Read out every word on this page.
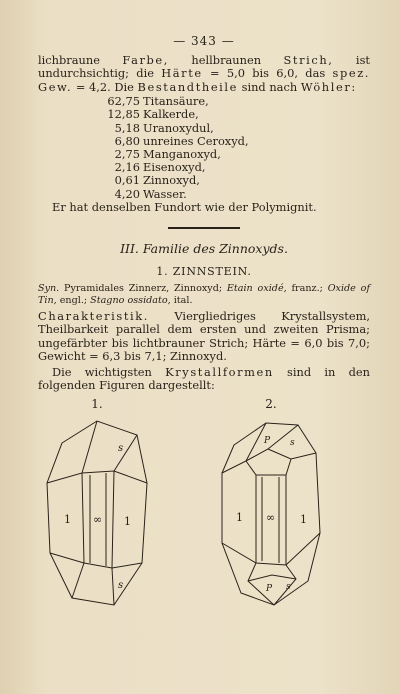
— 343 —

lichbraune Farbe, hellbraunen Strich, ist undurchsichtig; die Härte = 5,0 bis 6,0, das spez. Gew. = 4,2. Die Bestandtheile sind nach Wöhler:

62,75 Titansäure,
12,85 Kalkerde,
5,18 Uranoxydul,
6,80 unreines Ceroxyd,
2,75 Manganoxyd,
2,16 Eisenoxyd,
0,61 Zinnoxyd,
4,20 Wasser.

Er hat denselben Fundort wie der Polymignit.

III. Familie des Zinnoxyds.
1. ZINNSTEIN.
Syn. Pyramidales Zinnerz, Zinnoxyd; Etain oxidé, franz.; Oxide of Tin, engl.; Stagno ossidato, ital.

Charakteristik. Viergliedriges Krystallsystem, Theilbarkeit parallel dem ersten und zweiten Prisma; ungefärbter bis lichtbrauner Strich; Härte = 6,0 bis 7,0; Gewicht = 6,3 bis 7,1; Zinnoxyd.

Die wichtigsten Krystallformen sind in den folgenden Figuren dargestellt:

1.
1 ∞ 1
s
s
2.
1 ∞ 1
P s
P s
